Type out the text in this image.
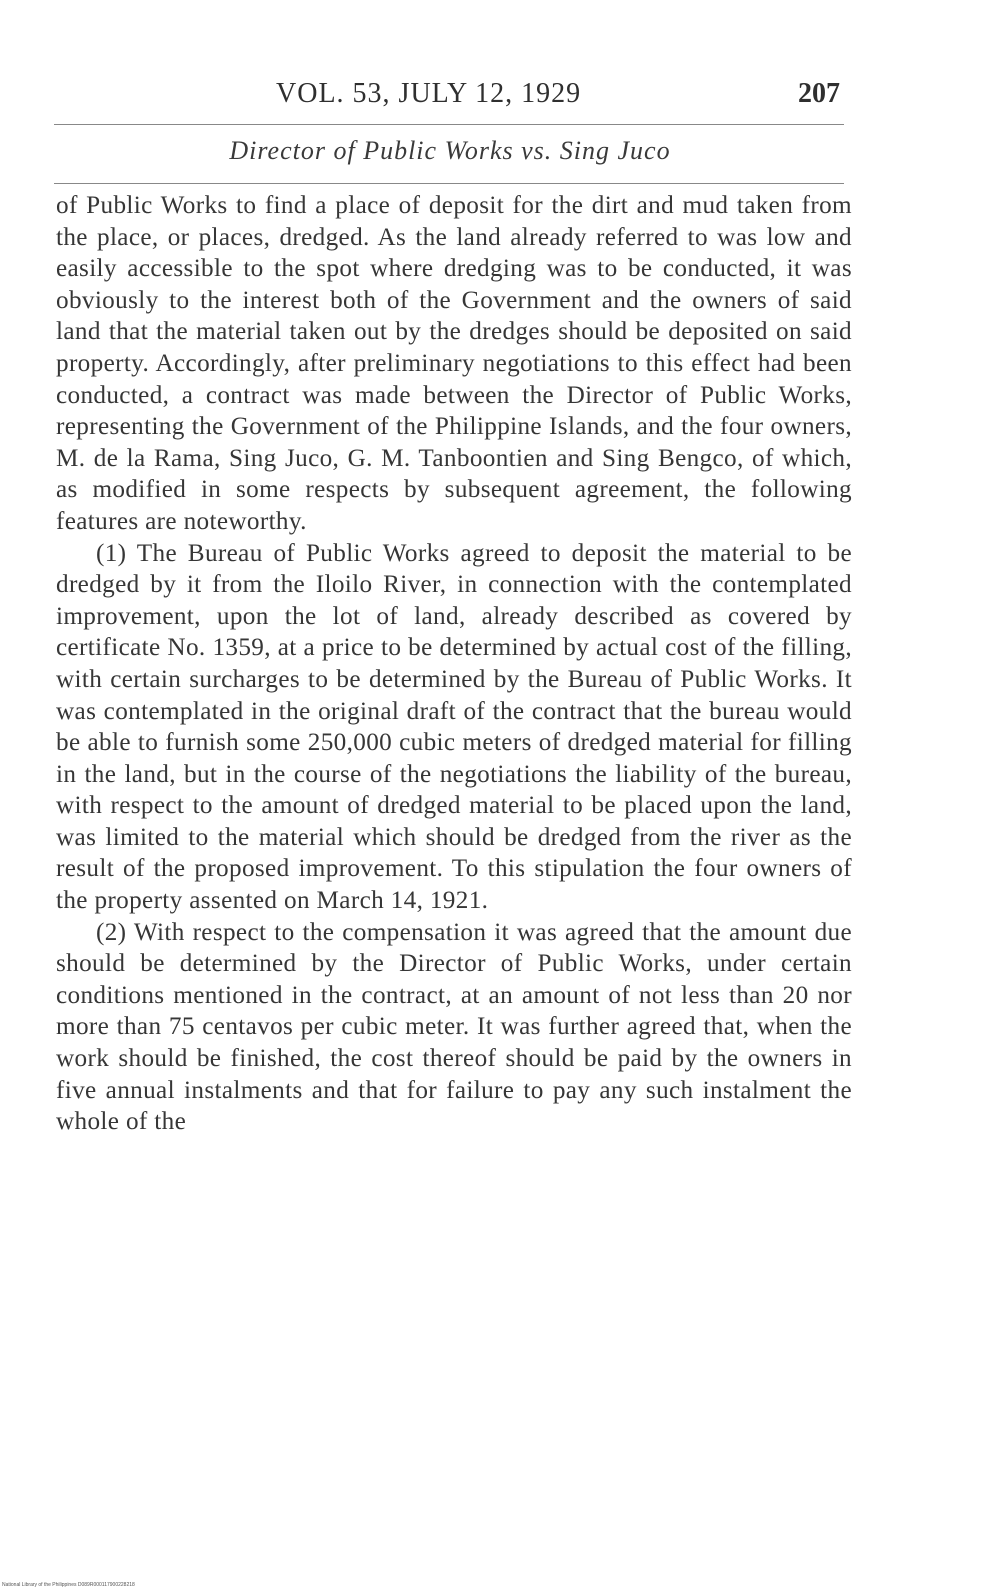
VOL. 53, JULY 12, 1929	207
Director of Public Works vs. Sing Juco

of Public Works to find a place of deposit for the dirt and mud taken from the place, or places, dredged. As the land already referred to was low and easily accessible to the spot where dredging was to be conducted, it was obviously to the interest both of the Government and the owners of said land that the material taken out by the dredges should be deposited on said property. Accordingly, after preliminary negotiations to this effect had been conducted, a contract was made between the Director of Public Works, representing the Government of the Philippine Islands, and the four owners, M. de la Rama, Sing Juco, G. M. Tanboontien and Sing Bengco, of which, as modified in some respects by subsequent agreement, the following features are noteworthy.

(1) The Bureau of Public Works agreed to deposit the material to be dredged by it from the Iloilo River, in connection with the contemplated improvement, upon the lot of land, already described as covered by certificate No. 1359, at a price to be determined by actual cost of the filling, with certain surcharges to be determined by the Bureau of Public Works. It was contemplated in the original draft of the contract that the bureau would be able to furnish some 250,000 cubic meters of dredged material for filling in the land, but in the course of the negotiations the liability of the bureau, with respect to the amount of dredged material to be placed upon the land, was limited to the material which should be dredged from the river as the result of the proposed improvement. To this stipulation the four owners of the property assented on March 14, 1921.

(2) With respect to the compensation it was agreed that the amount due should be determined by the Director of Public Works, under certain conditions mentioned in the contract, at an amount of not less than 20 nor more than 75 centavos per cubic meter. It was further agreed that, when the work should be finished, the cost thereof should be paid by the owners in five annual instalments and that for failure to pay any such instalment the whole of the

National Library of the Philippines D089R000117900228218
